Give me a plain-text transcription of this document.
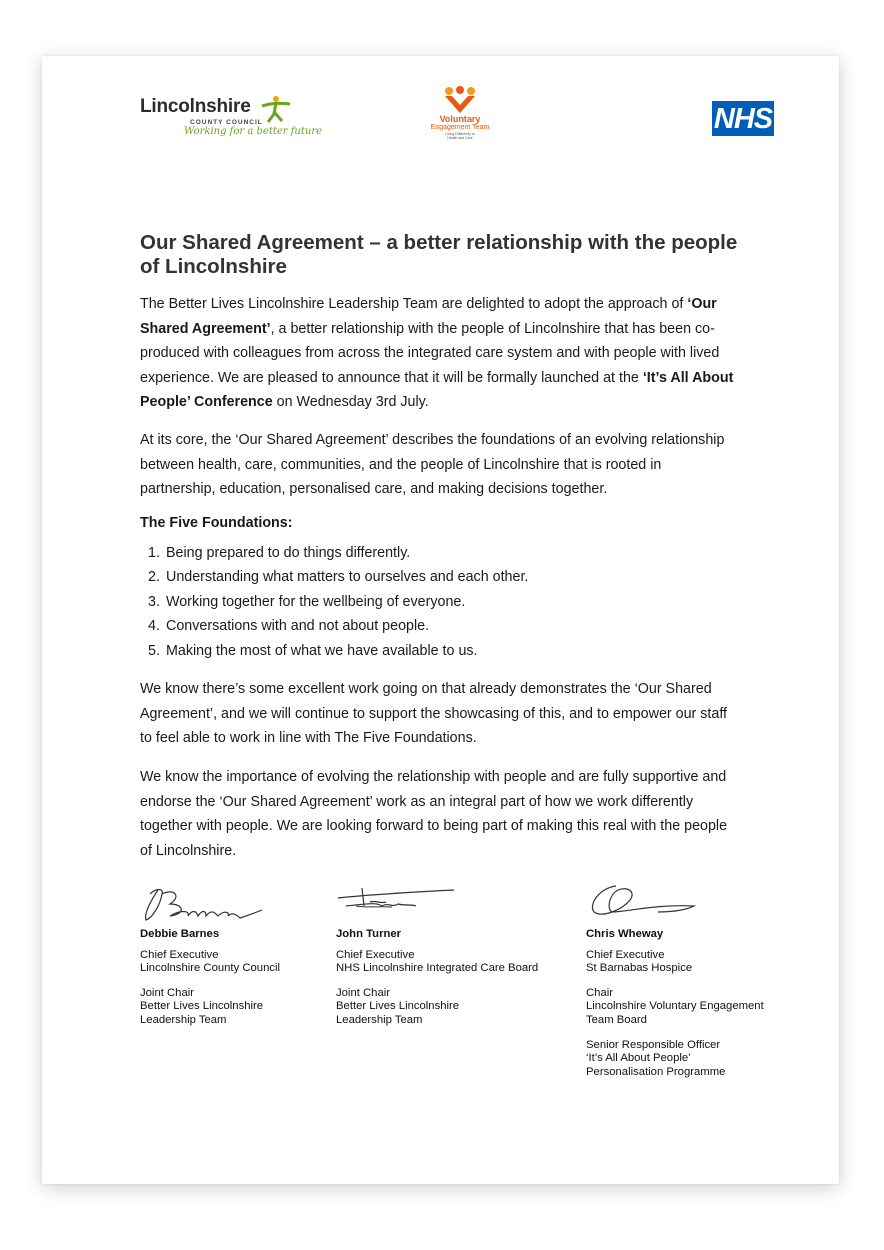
Lincolnshire
COUNTY COUNCIL
Working for a better future
Voluntary
Engagement Team
Living Differently to
Health and Care
NHS
Our Shared Agreement – a better relationship with the people of Lincolnshire
The Better Lives Lincolnshire Leadership Team are delighted to adopt the approach of ‘Our Shared Agreement’, a better relationship with the people of Lincolnshire that has been co-produced with colleagues from across the integrated care system and with people with lived experience. We are pleased to announce that it will be formally launched at the ‘It’s All About People’ Conference on Wednesday 3rd July.
At its core, the ‘Our Shared Agreement’ describes the foundations of an evolving relationship between health, care, communities, and the people of Lincolnshire that is rooted in partnership, education, personalised care, and making decisions together.
The Five Foundations:
1. Being prepared to do things differently.
2. Understanding what matters to ourselves and each other.
3. Working together for the wellbeing of everyone.
4. Conversations with and not about people.
5. Making the most of what we have available to us.
We know there’s some excellent work going on that already demonstrates the ‘Our Shared Agreement’, and we will continue to support the showcasing of this, and to empower our staff to feel able to work in line with The Five Foundations.
We know the importance of evolving the relationship with people and are fully supportive and endorse the ‘Our Shared Agreement’ work as an integral part of how we work differently together with people. We are looking forward to being part of making this real with the people of Lincolnshire.
Debbie Barnes
Chief Executive
Lincolnshire County Council
Joint Chair
Better Lives Lincolnshire
Leadership Team
John Turner
Chief Executive
NHS Lincolnshire Integrated Care Board
Joint Chair
Better Lives Lincolnshire
Leadership Team
Chris Wheway
Chief Executive
St Barnabas Hospice
Chair
Lincolnshire Voluntary Engagement
Team Board
Senior Responsible Officer
‘It’s All About People’
Personalisation Programme
